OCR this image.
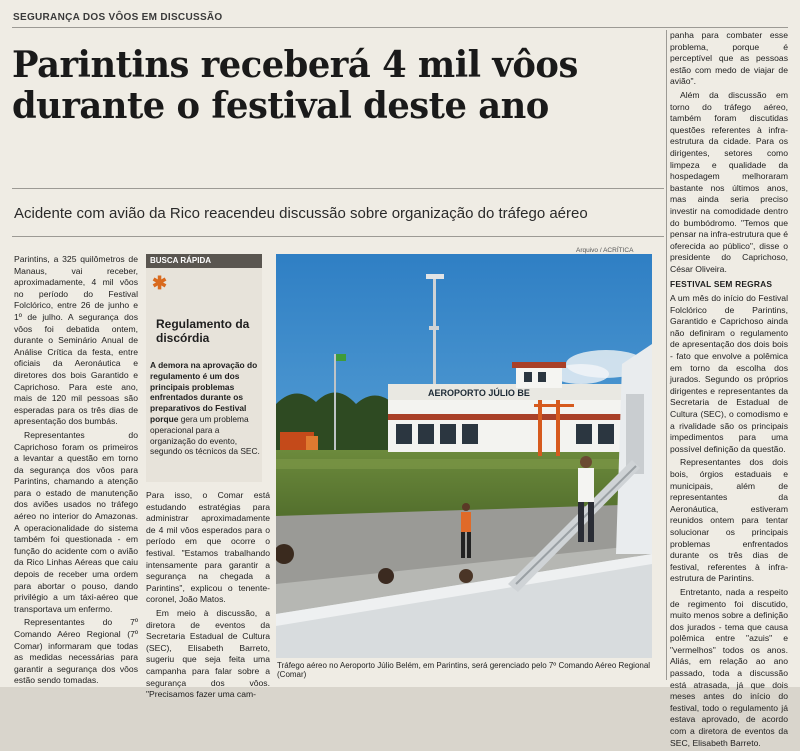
SEGURANÇA DOS VÔOS EM DISCUSSÃO
Parintins receberá 4 mil vôos durante o festival deste ano
Acidente com avião da Rico reacendeu discussão sobre organização do tráfego aéreo

Parintins, a 325 quilômetros de Manaus, vai receber, aproximadamente, 4 mil vôos no período do Festival Folclórico, entre 26 de junho e 1º de julho. A segurança dos vôos foi debatida ontem, durante o Seminário Anual de Análise Crítica da festa, entre oficiais da Aeronáutica e diretores dos bois Garantido e Caprichoso. Para este ano, mais de 120 mil pessoas são esperadas para os três dias de apresentação dos bumbás.

Representantes do Caprichoso foram os primeiros a levantar a questão em torno da segurança dos vôos para Parintins, chamando a atenção para o estado de manutenção dos aviões usados no tráfego aéreo no interior do Amazonas. A operacionalidade do sistema também foi questionada - em função do acidente com o avião da Rico Linhas Aéreas que caiu depois de receber uma ordem para abortar o pouso, dando privilégio a um táxi-aéreo que transportava um enfermo.

Representantes do 7º Comando Aéreo Regional (7º Comar) informaram que todas as medidas necessárias para garantir a segurança dos vôos estão sendo tomadas.

BUSCA RÁPIDA
✱
Regulamento da discórdia
A demora na aprovação do regulamento é um dos principais problemas enfrentados durante os preparativos do Festival porque gera um problema operacional para a organização do evento, segundo os técnicos da SEC.

Para isso, o Comar está estudando estratégias para administrar aproximadamente de 4 mil vôos esperados para o período em que ocorre o festival. "Estamos trabalhando intensamente para garantir a segurança na chegada a Parintins", explicou o tenente-coronel, João Matos.

Em meio à discussão, a diretora de eventos da Secretaria Estadual de Cultura (SEC), Elisabeth Barreto, sugeriu que seja feita uma campanha para falar sobre a segurança dos vôos. "Precisamos fazer uma cam-

Arquivo / ACRÍTICA
AEROPORTO JÚLIO BE
Tráfego aéreo no Aeroporto Júlio Belém, em Parintins, será gerenciado pelo 7º Comando Aéreo Regional (Comar)

panha para combater esse problema, porque é perceptível que as pessoas estão com medo de viajar de avião".

Além da discussão em torno do tráfego aéreo, também foram discutidas questões referentes à infra-estrutura da cidade. Para os dirigentes, setores como limpeza e qualidade da hospedagem melhoraram bastante nos últimos anos, mas ainda seria preciso investir na comodidade dentro do bumbódromo. "Temos que pensar na infra-estrutura que é oferecida ao público", disse o presidente do Caprichoso, César Oliveira.

FESTIVAL SEM REGRAS

A um mês do início do Festival Folclórico de Parintins, Garantido e Caprichoso ainda não definiram o regulamento de apresentação dos dois bois - fato que envolve a polêmica em torno da escolha dos jurados. Segundo os próprios dirigentes e representantes da Secretaria de Estadual de Cultura (SEC), o comodismo e a rivalidade são os principais impedimentos para uma possível definição da questão.

Representantes dos dois bois, órgios estaduais e municipais, além de representantes da Aeronáutica, estiveram reunidos ontem para tentar solucionar os principais problemas enfrentados durante os três dias de festival, referentes à infra-estrutura de Parintins.

Entretanto, nada a respeito de regimento foi discutido, muito menos sobre a definição dos jurados - tema que causa polêmica entre "azuis" e "vermelhos" todos os anos. Aliás, em relação ao ano passado, toda a discussão está atrasada, já que dois meses antes do início do festival, todo o regulamento já estava aprovado, de acordo com a diretora de eventos da SEC, Elisabeth Barreto.
